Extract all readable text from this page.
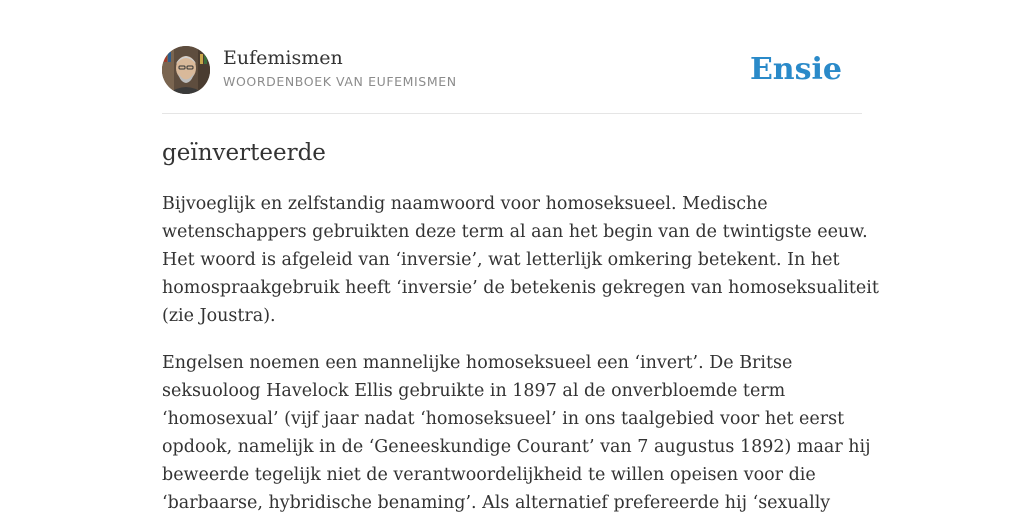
Eufemismen
WOORDENBOEK VAN EUFEMISMEN	Ensie
geïnverteerde

Bijvoeglijk en zelfstandig naamwoord voor homoseksueel. Medische
wetenschappers gebruikten deze term al aan het begin van de twintigste eeuw.
Het woord is afgeleid van ‘inversie’, wat letterlijk omkering betekent. In het
homospraakgebruik heeft ‘inversie’ de betekenis gekregen van homoseksualiteit
(zie Joustra).

Engelsen noemen een mannelijke homoseksueel een ‘invert’. De Britse
seksuoloog Havelock Ellis gebruikte in 1897 al de onverbloemde term
‘homosexual’ (vijf jaar nadat ‘homoseksueel’ in ons taalgebied voor het eerst
opdook, namelijk in de ‘Geneeskundige Courant’ van 7 augustus 1892) maar hij
beweerde tegelijk niet de verantwoordelijkheid te willen opeisen voor die
‘barbaarse, hybridische benaming’. Als alternatief prefereerde hij ‘sexually
